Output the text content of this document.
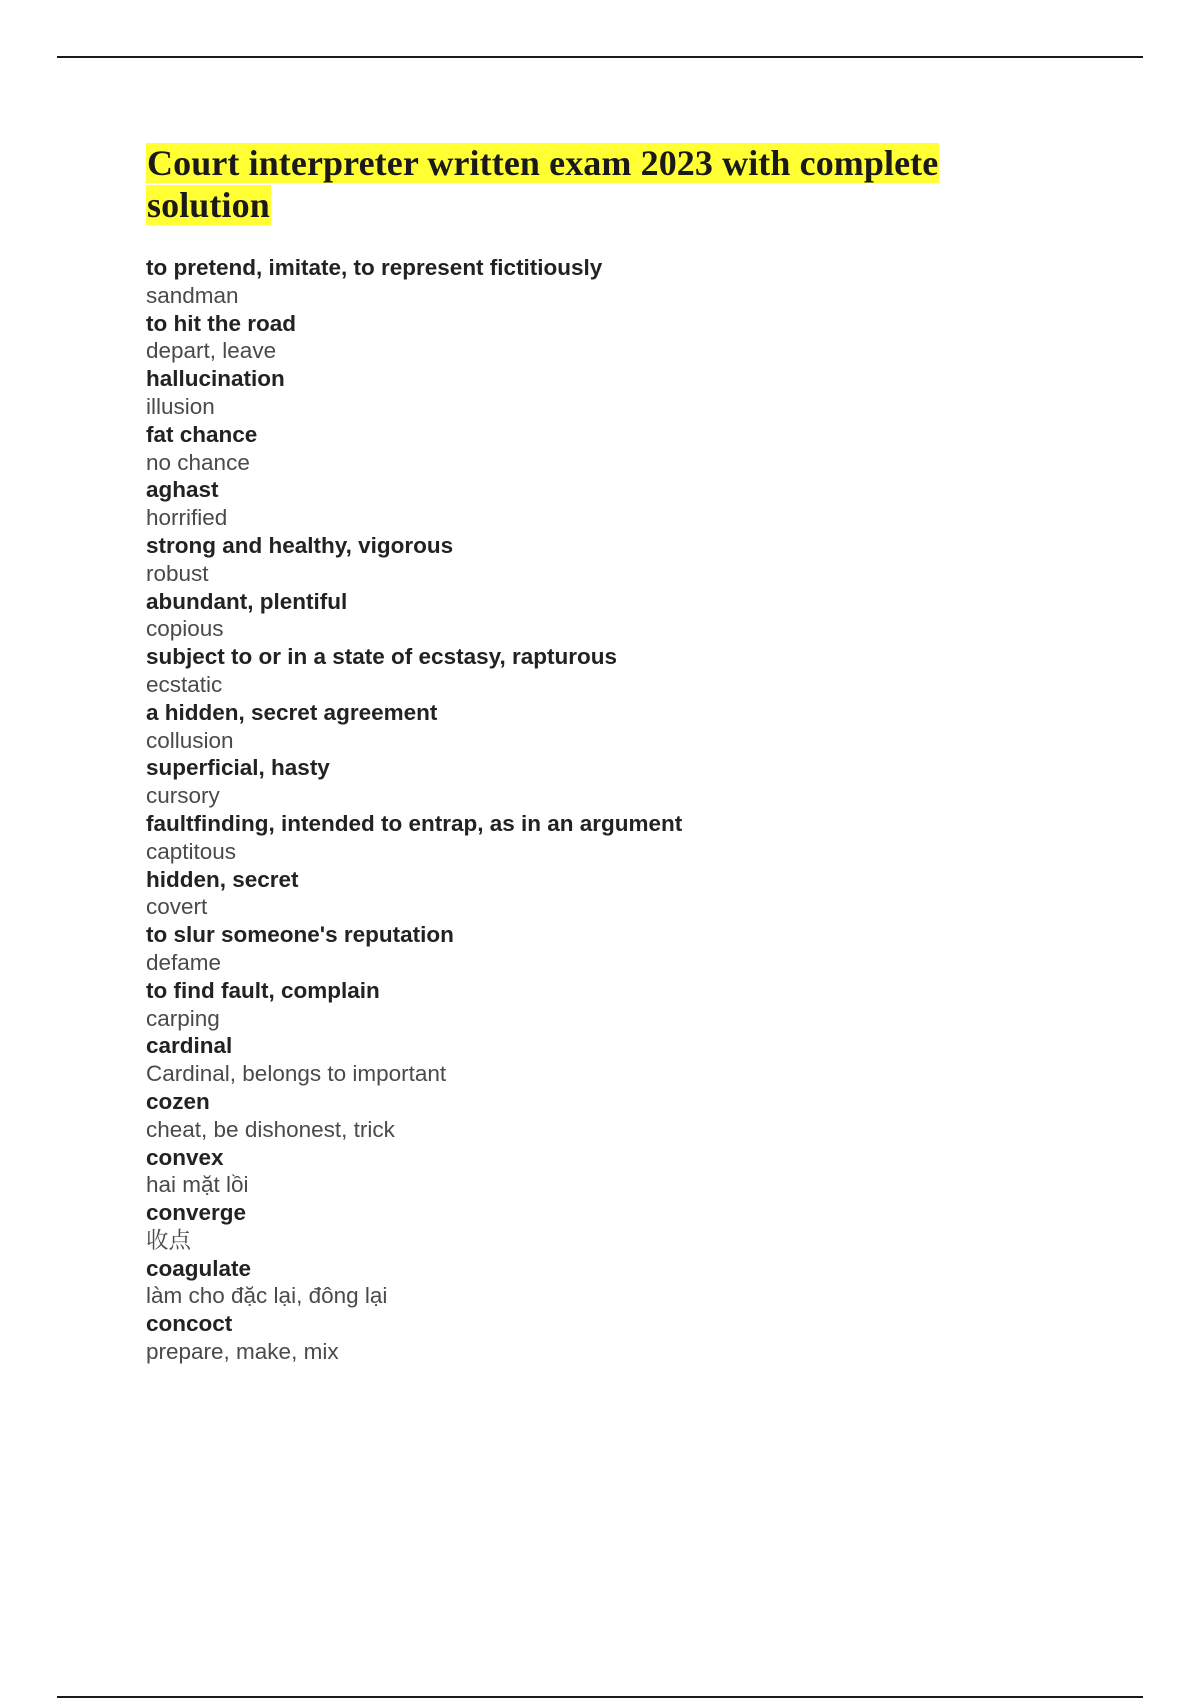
Court interpreter written exam 2023 with complete solution
to pretend, imitate, to represent fictitiously
sandman
to hit the road
depart, leave
hallucination
illusion
fat chance
no chance
aghast
horrified
strong and healthy, vigorous
robust
abundant, plentiful
copious
subject to or in a state of ecstasy, rapturous
ecstatic
a hidden, secret agreement
collusion
superficial, hasty
cursory
faultfinding, intended to entrap, as in an argument
captitous
hidden, secret
covert
to slur someone's reputation
defame
to find fault, complain
carping
cardinal
Cardinal, belongs to important
cozen
cheat, be dishonest, trick
convex
hai mặt lồi
converge
收点
coagulate
làm cho đặc lại, đông lại
concoct
prepare, make, mix
